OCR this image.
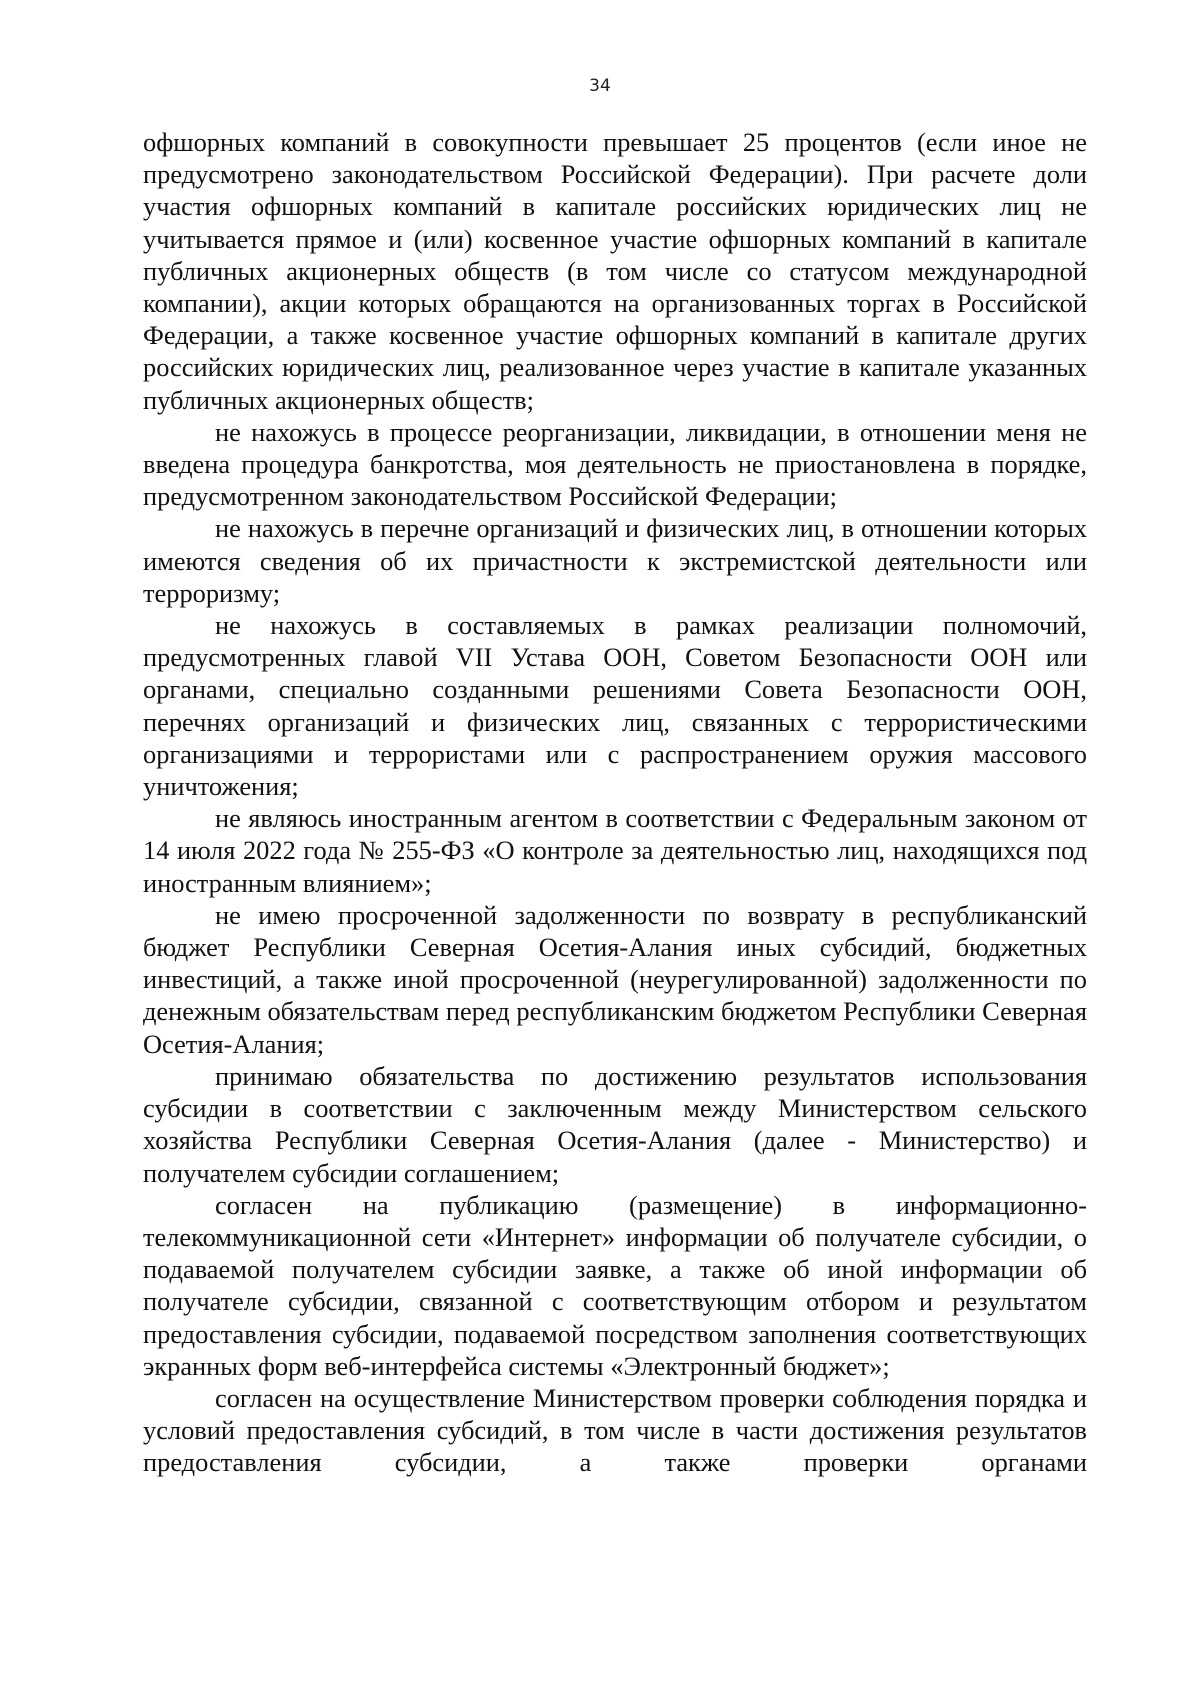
34

офшорных компаний в совокупности превышает 25 процентов (если иное не предусмотрено законодательством Российской Федерации). При расчете доли участия офшорных компаний в капитале российских юридических лиц не учитывается прямое и (или) косвенное участие офшорных компаний в капитале публичных акционерных обществ (в том числе со статусом международной компании), акции которых обращаются на организованных торгах в Российской Федерации, а также косвенное участие офшорных компаний в капитале других российских юридических лиц, реализованное через участие в капитале указанных публичных акционерных обществ;

не нахожусь в процессе реорганизации, ликвидации, в отношении меня не введена процедура банкротства, моя деятельность не приостановлена в порядке, предусмотренном законодательством Российской Федерации;

не нахожусь в перечне организаций и физических лиц, в отношении которых имеются сведения об их причастности к экстремистской деятельности или терроризму;

не нахожусь в составляемых в рамках реализации полномочий, предусмотренных главой VII Устава ООН, Советом Безопасности ООН или органами, специально созданными решениями Совета Безопасности ООН, перечнях организаций и физических лиц, связанных с террористическими организациями и террористами или с распространением оружия массового уничтожения;

не являюсь иностранным агентом в соответствии с Федеральным законом от 14 июля 2022 года № 255-ФЗ «О контроле за деятельностью лиц, находящихся под иностранным влиянием»;

не имею просроченной задолженности по возврату в республиканский бюджет Республики Северная Осетия-Алания иных субсидий, бюджетных инвестиций, а также иной просроченной (неурегулированной) задолженности по денежным обязательствам перед республиканским бюджетом Республики Северная Осетия-Алания;

принимаю обязательства по достижению результатов использования субсидии в соответствии с заключенным между Министерством сельского хозяйства Республики Северная Осетия-Алания (далее - Министерство) и получателем субсидии соглашением;

согласен на публикацию (размещение) в информационно-телекоммуникационной сети «Интернет» информации об получателе субсидии, о подаваемой получателем субсидии заявке, а также об иной информации об получателе субсидии, связанной с соответствующим отбором и результатом предоставления субсидии, подаваемой посредством заполнения соответствующих экранных форм веб-интерфейса системы «Электронный бюджет»;

согласен на осуществление Министерством проверки соблюдения порядка и условий предоставления субсидий, в том числе в части достижения результатов предоставления субсидии, а также проверки органами
